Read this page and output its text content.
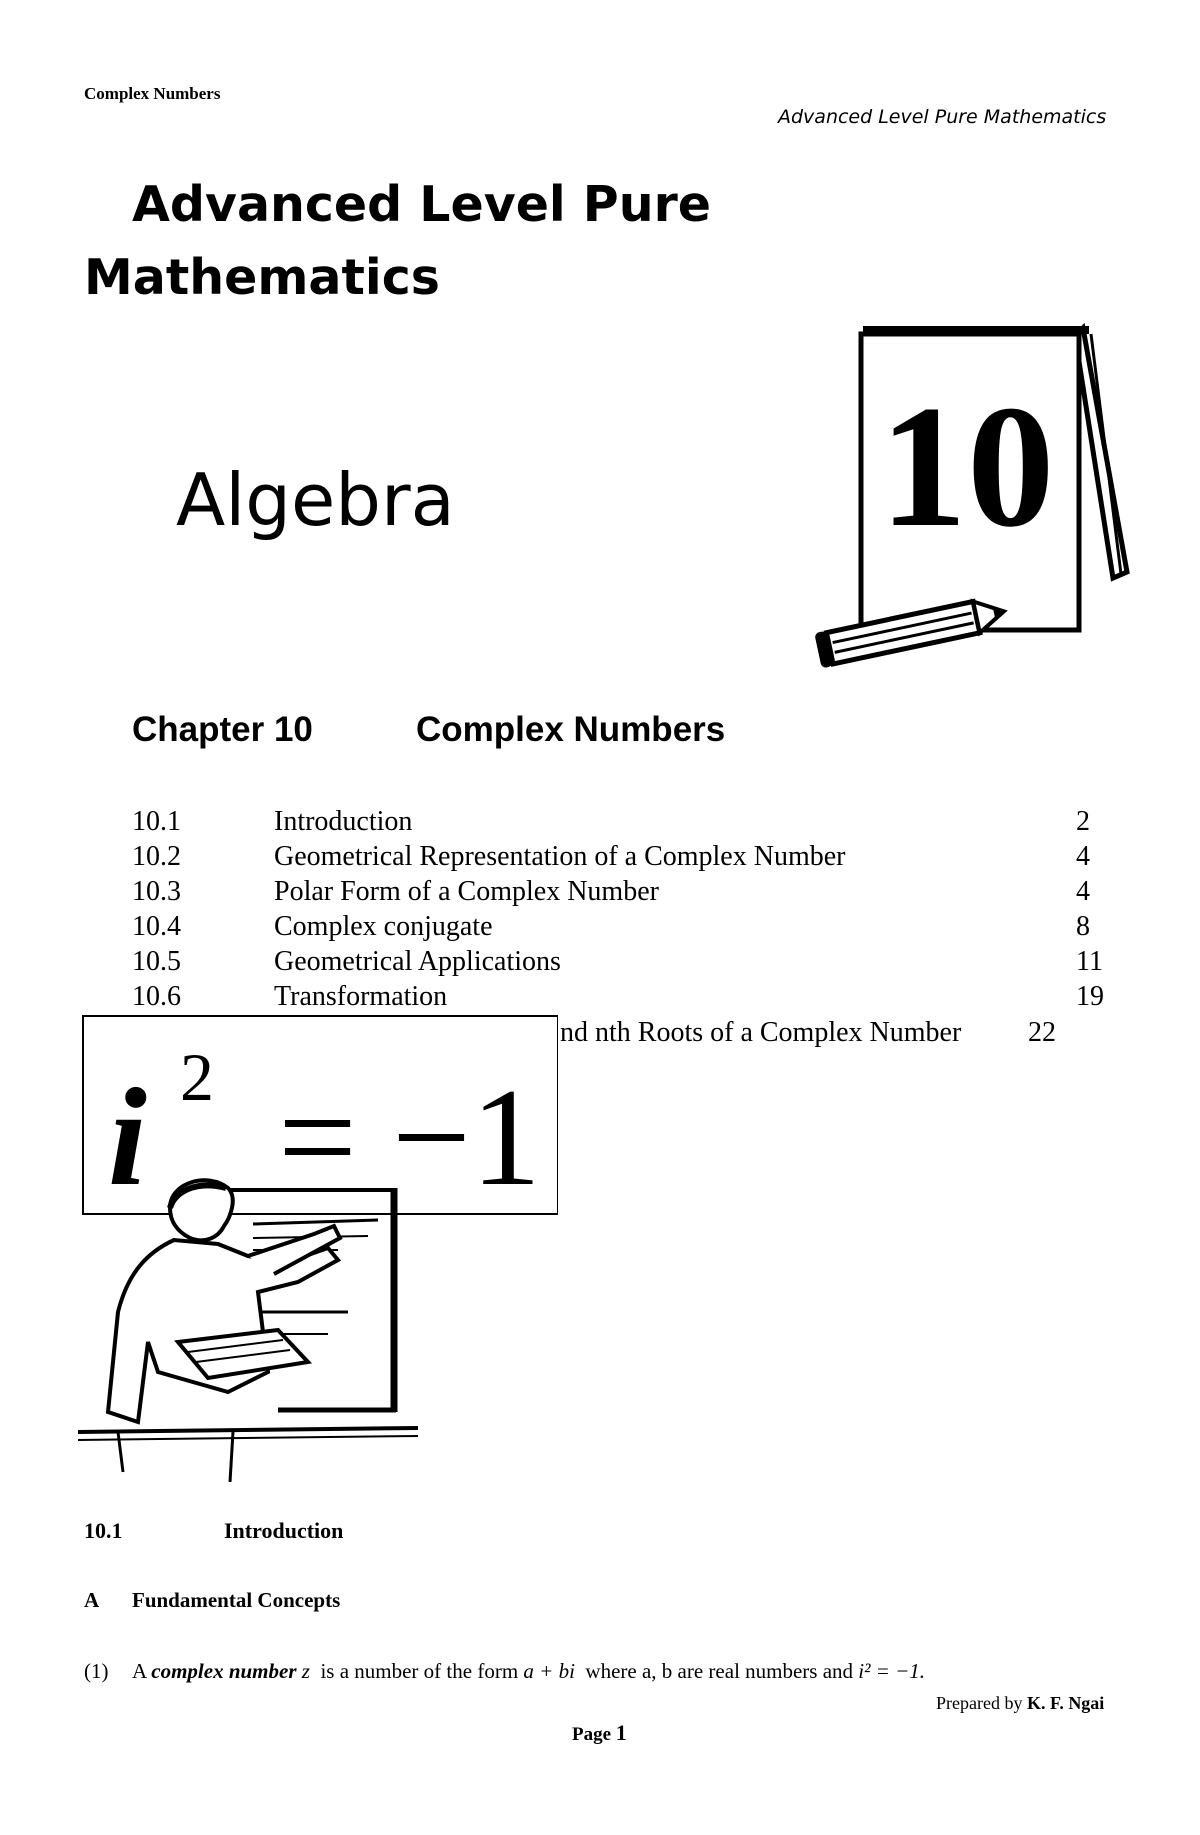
Complex Numbers
Advanced Level Pure Mathematics
Advanced Level Pure
Mathematics
Algebra 10
Chapter 10	Complex Numbers
10.1	Introduction	2
10.2	Geometrical Representation of a Complex Number	4
10.3	Polar Form of a Complex Number	4
10.4	Complex conjugate	8
10.5	Geometrical Applications	11
10.6	Transformation	19
nd nth Roots of a Complex Number 22
i 2 = −1
10.1	Introduction
A Fundamental Concepts
(1) A complex number z is a number of the form a + bi where a, b are real numbers and i² = −1.
Prepared by K. F. Ngai
Page 1
